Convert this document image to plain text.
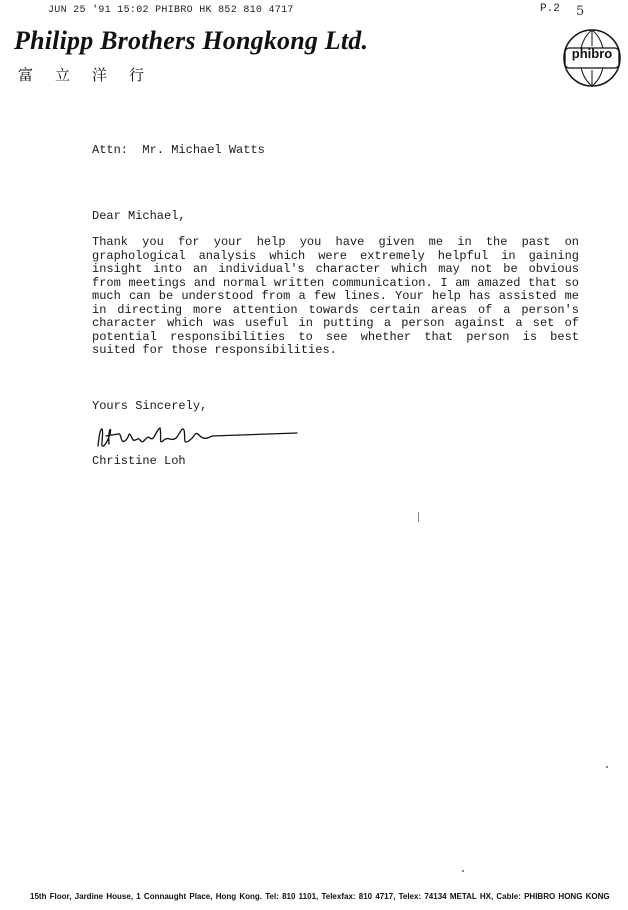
JUN 25 '91 15:02 PHIBRO HK 852 810 4717	P.2 5
Philipp Brothers Hongkong Ltd.
富立洋行
phibro
Attn: Mr. Michael Watts
Dear Michael,
Thank you for your help you have given me in the past on graphological analysis which were extremely helpful in gaining insight into an individual's character which may not be obvious from meetings and normal written communication. I am amazed that so much can be understood from a few lines. Your help has assisted me in directing more attention towards certain areas of a person's character which was useful in putting a person against a set of potential responsibilities to see whether that person is best suited for those responsibilities.
Yours Sincerely,
Christine Loh
15th Floor, Jardine House, 1 Connaught Place, Hong Kong. Tel: 810 1101, Telexfax: 810 4717, Telex: 74134 METAL HX, Cable: PHIBRO HONG KONG
